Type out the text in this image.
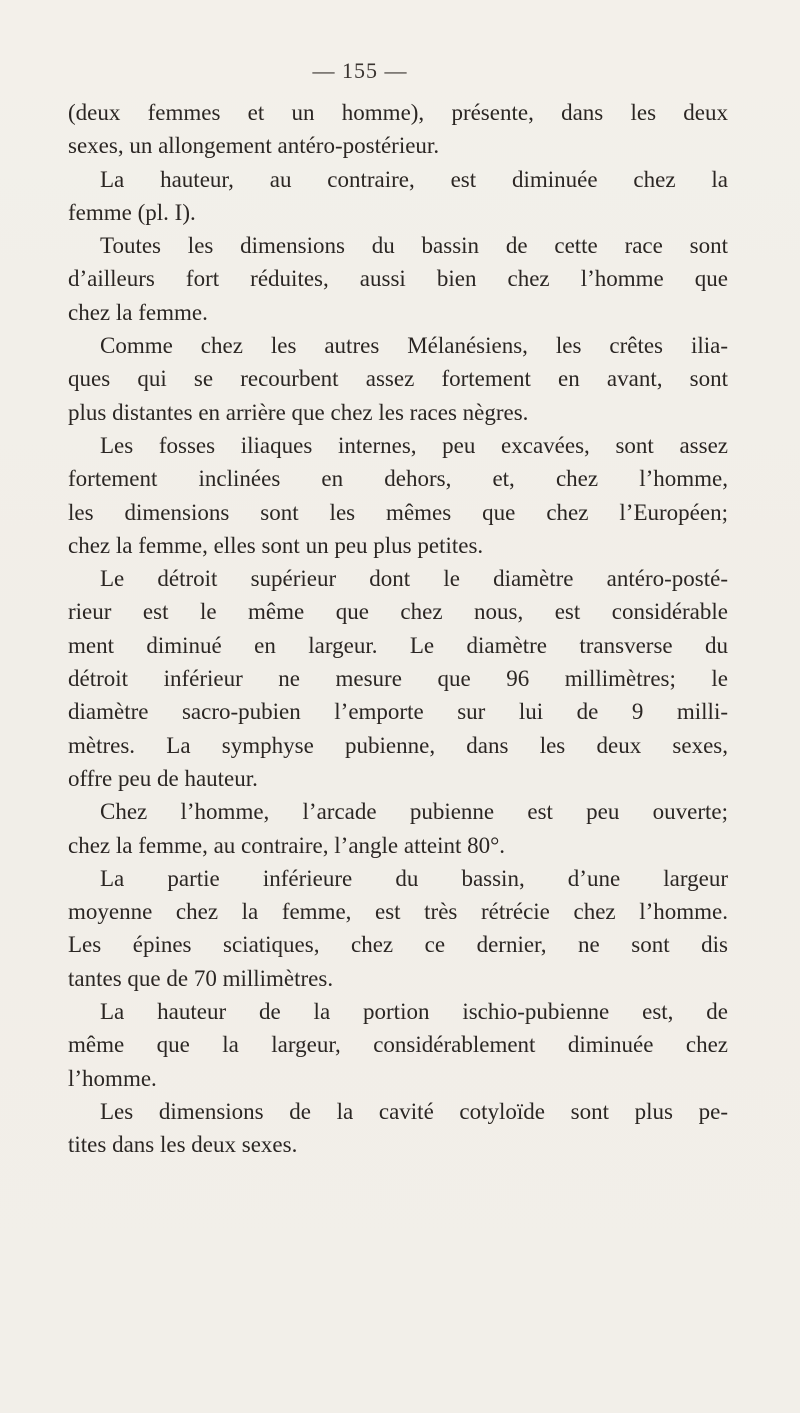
— 155 —
(deux femmes et un homme), présente, dans les deux
sexes, un allongement antéro-postérieur.
La hauteur, au contraire, est diminuée chez la
femme (pl. I).
Toutes les dimensions du bassin de cette race sont
d’ailleurs fort réduites, aussi bien chez l’homme que
chez la femme.
Comme chez les autres Mélanésiens, les crêtes ilia-
ques qui se recourbent assez fortement en avant, sont
plus distantes en arrière que chez les races nègres.
Les fosses iliaques internes, peu excavées, sont assez
fortement inclinées en dehors, et, chez l’homme,
les dimensions sont les mêmes que chez l’Européen;
chez la femme, elles sont un peu plus petites.
Le détroit supérieur dont le diamètre antéro-posté-
rieur est le même que chez nous, est considérable
ment diminué en largeur. Le diamètre transverse du
détroit inférieur ne mesure que 96 millimètres; le
diamètre sacro-pubien l’emporte sur lui de 9 milli-
mètres. La symphyse pubienne, dans les deux sexes,
offre peu de hauteur.
Chez l’homme, l’arcade pubienne est peu ouverte;
chez la femme, au contraire, l’angle atteint 80°.
La partie inférieure du bassin, d’une largeur
moyenne chez la femme, est très rétrécie chez l’homme.
Les épines sciatiques, chez ce dernier, ne sont dis
tantes que de 70 millimètres.
La hauteur de la portion ischio-pubienne est, de
même que la largeur, considérablement diminuée chez
l’homme.
Les dimensions de la cavité cotyloïde sont plus pe-
tites dans les deux sexes.
